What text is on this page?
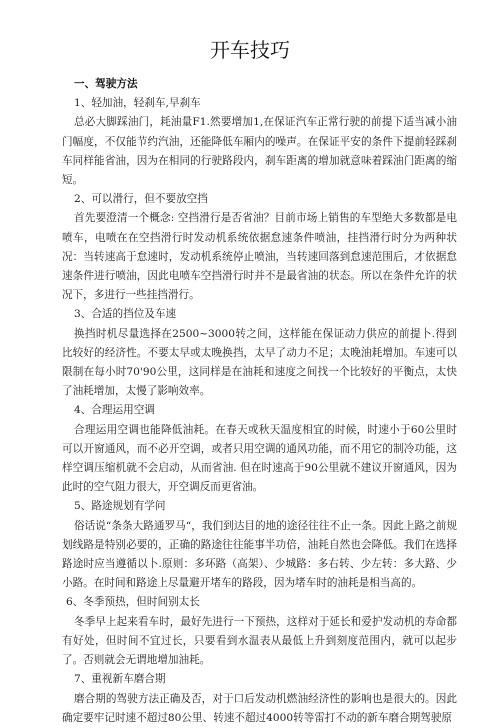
开车技巧

一、驾驶方法

1、轻加油，轻刹车,早刹车

总必大脚踩油门，耗油量F1.然要增加1,在保证汽车正常行驶的前提下适当减小油门幅度，不仅能节约汽油，还能降低车厢内的噪声。在保证平安的条件下提前轻踩刹车同样能省油，因为在相同的行驶路段内，刹车距离的增加就意味着踩油门距离的缩短。

2、可以滑行，但不要放空挡

首先要澄清一个概念: 空挡滑行是否省油？目前市场上销售的车型绝大多数都是电喷车，电喷在在空挡滑行时发动机系统依据怠速条件喷油，挂挡滑行时分为两种状况：当转速高于怠速时，发动机系统停止喷油，当转速回落到怠速范围后，才依据怠速条件进行喷油，因此电喷车空挡滑行时并不是最省油的状态。所以在条件允许的状况下，多进行一些挂挡滑行。

3、合适的挡位及车速

换挡时机尽量选择在2500~3000转之间，这样能在保证动力供应的前提卜.得到比较好的经济性。不要太早或太晚换挡，太早了动力不足；太晚油耗增加。车速可以限制在每小时70'90公里，这同样是在油耗和速度之间找一个比较好的平衡点，太快了油耗增加，太慢了影响效率。

4、合理运用空调

合理运用空调也能降低油耗。在春天或秋天温度相宜的时候，时速小于60公里时可以开窗通风，而不必开空调，或者只用空调的通风功能，而不用它的制冷功能，这样空调压缩机就不会启动，从而省油. 但在时速高于90公里就不建议开窗通风，因为此时的空气阻力很大，开空调反而更省油。

5、路途规划有学问

俗话说“条条大路通罗马“，我们到达目的地的途径往往不止一条。因此上路之前规划线路是特别必要的，正确的路途往往能事半功倍，油耗自然也会降低。我们在选择路途时应当遵循以卜.原则：多环路（高架）、少城路：多右转、少左转：多大路、少小路。在时间和路途上尽量避开堵车的路段，因为堵车时的油耗是相当高的。

6、冬季预热，但时间别太长

冬季早上起来看车时，最好先进行一下预热，这样对于延长和爱护发动机的寿命都有好处，但时间不宜过长，只要看到水温表从最低上升到刻度范围内，就可以起步了。否则就会无谓地增加油耗。

7、重视新车磨合期

磨合期的驾驶方法正确及否，对于口后发动机燃油经济性的影响也是很大的。因此确定要牢记时速不超过80公里、转速不超过4000转等雷打不动的新车磨合期驾驶原
